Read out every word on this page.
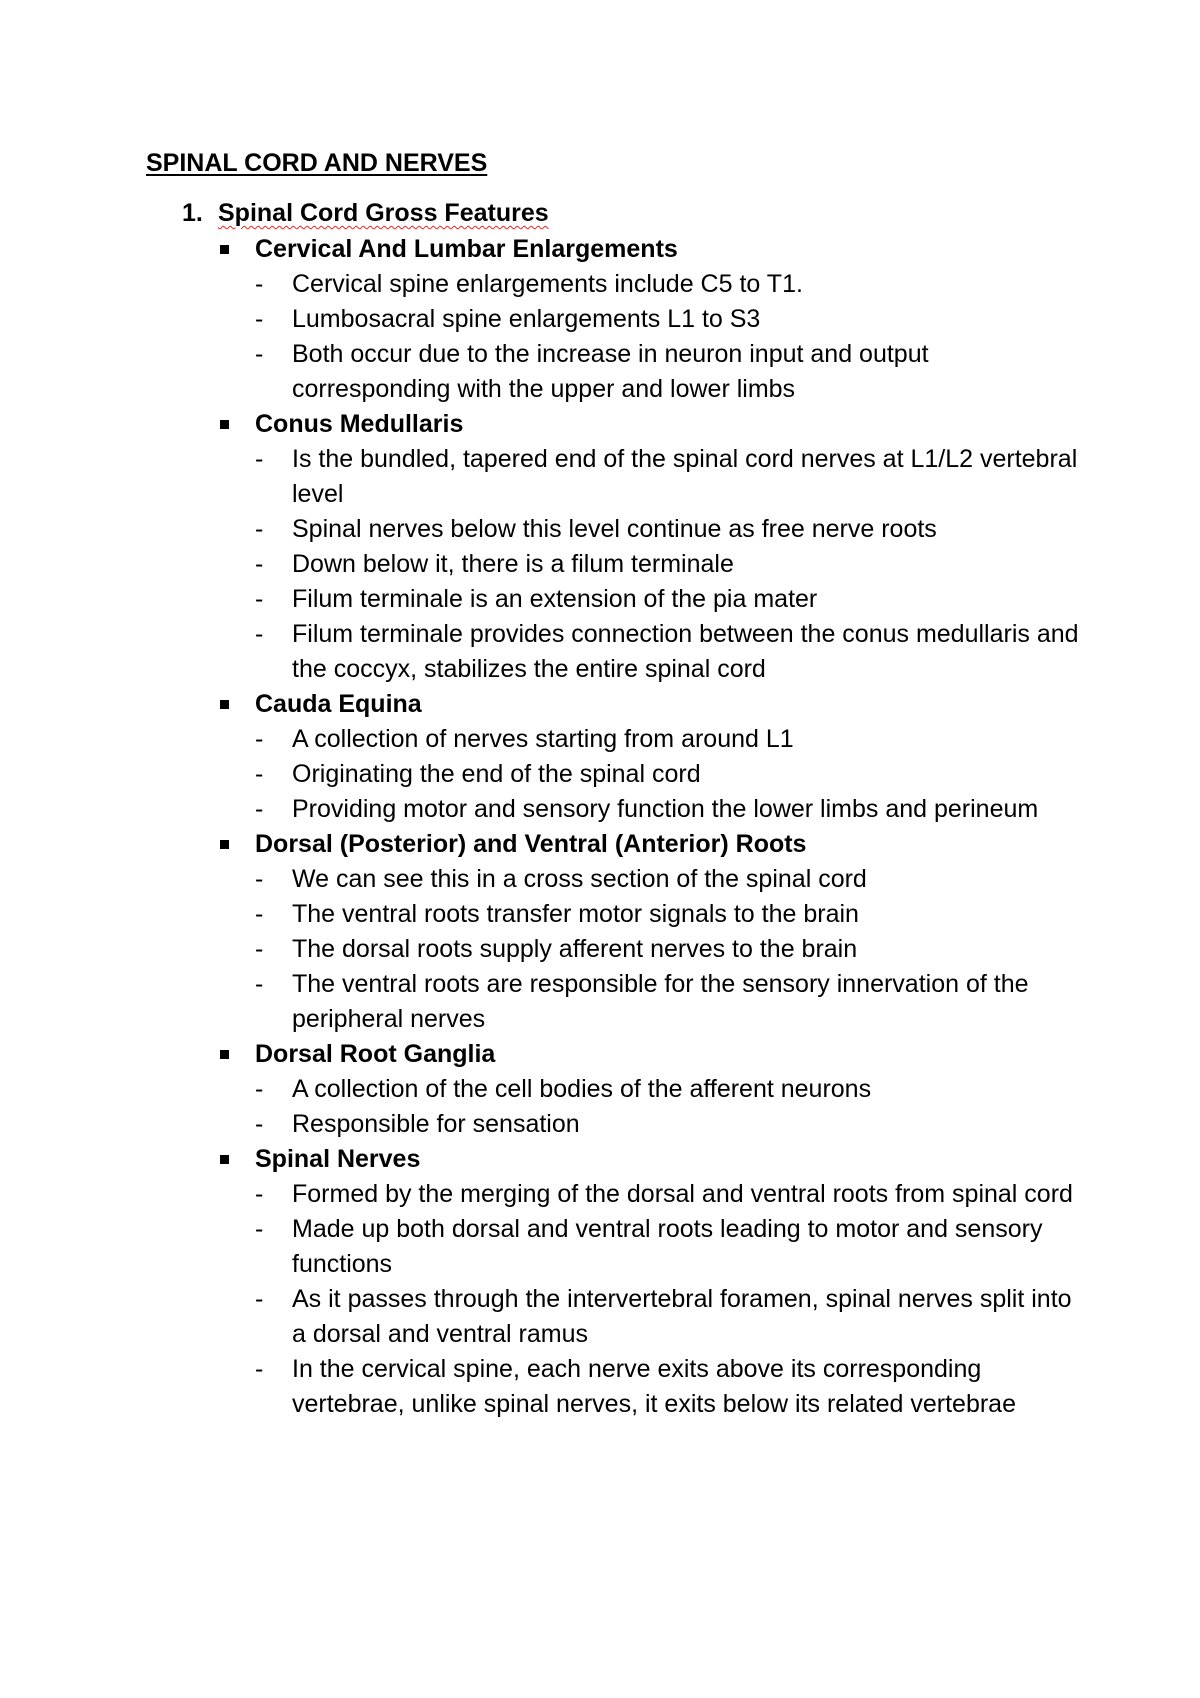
SPINAL CORD AND NERVES
1. Spinal Cord Gross Features
Cervical And Lumbar Enlargements
- Cervical spine enlargements include C5 to T1.
- Lumbosacral spine enlargements L1 to S3
- Both occur due to the increase in neuron input and output corresponding with the upper and lower limbs
Conus Medullaris
- Is the bundled, tapered end of the spinal cord nerves at L1/L2 vertebral level
- Spinal nerves below this level continue as free nerve roots
- Down below it, there is a filum terminale
- Filum terminale is an extension of the pia mater
- Filum terminale provides connection between the conus medullaris and the coccyx, stabilizes the entire spinal cord
Cauda Equina
- A collection of nerves starting from around L1
- Originating the end of the spinal cord
- Providing motor and sensory function the lower limbs and perineum
Dorsal (Posterior) and Ventral (Anterior) Roots
- We can see this in a cross section of the spinal cord
- The ventral roots transfer motor signals to the brain
- The dorsal roots supply afferent nerves to the brain
- The ventral roots are responsible for the sensory innervation of the peripheral nerves
Dorsal Root Ganglia
- A collection of the cell bodies of the afferent neurons
- Responsible for sensation
Spinal Nerves
- Formed by the merging of the dorsal and ventral roots from spinal cord
- Made up both dorsal and ventral roots leading to motor and sensory functions
- As it passes through the intervertebral foramen, spinal nerves split into a dorsal and ventral ramus
- In the cervical spine, each nerve exits above its corresponding vertebrae, unlike spinal nerves, it exits below its related vertebrae
